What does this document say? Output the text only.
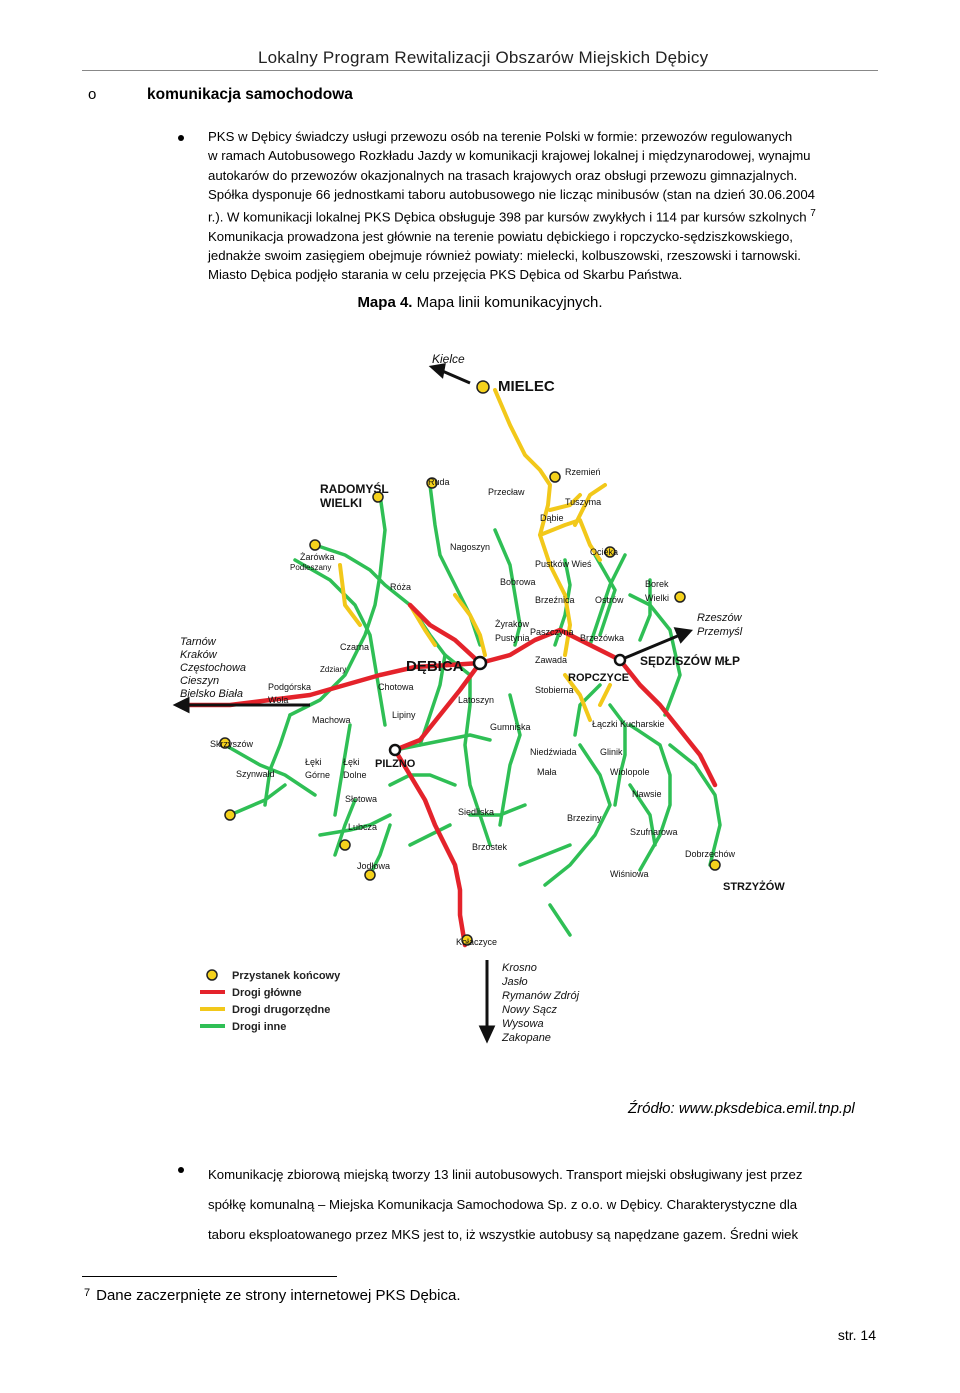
Lokalny Program Rewitalizacji Obszarów Miejskich Dębicy
o	komunikacja samochodowa

PKS w Dębicy świadczy usługi przewozu osób na terenie Polski w formie: przewozów regulowanych

w ramach Autobusowego Rozkładu Jazdy w komunikacji krajowej lokalnej i międzynarodowej, wynajmu

autokarów do przewozów okazjonalnych na trasach krajowych oraz obsługi przewozu gimnazjalnych.

Spółka dysponuje 66 jednostkami taboru autobusowego nie licząc minibusów (stan na dzień 30.06.2004

r.). W komunikacji lokalnej PKS Dębica obsługuje 398 par kursów zwykłych i 114 par kursów szkolnych $^7$

Komunikacja prowadzona jest głównie na terenie powiatu dębickiego i ropczycko-sędziszkowskiego,

jednakże swoim zasięgiem obejmuje również powiaty: mielecki, kolbuszowski, rzeszowski i tarnowski.

Miasto Dębica podjęło starania w celu przejęcia PKS Dębica od Skarbu Państwa.

Mapa 4. Mapa linii komunikacyjnych.
Kielce
MIELEC
RADOMYŚL
WIELKI
DĘBICA	SĘDZISZÓW MŁP
ROPCZYCE
PILZNO
STRZYŻÓW
Tarnów
Kraków
Częstochowa
Cieszyn
Bielsko Biała
Rzeszów
Przemyśl
Krosno
Jasło
Rymanów Zdrój
Nowy Sącz
Wysowa
Zakopane
Ruda
Przecław
Rzemień
Tuszyma
Dąbie
Ocieka
Nagoszyn
Bobrowa
Pustków Wieś
Brzeźnica Ostrów
Borek
Wielki
Żyraków
Pustynia
Paszczyna
Brzezówka
Zawada
Żarówka
Podleszany
Róża
Czarna
Zdziary
Podgórska
Wola
Machowa
Chotowa
Lipiny
Latoszyn
Stobierna
Łączki Kucharskie
Gumniska
Niedźwiada
Mała
Glinik
Wiolopole
Nawsie
Brzeziny
Szufnarowa
Dobrzechów
Wiśniowa
Skrzyszów
Szynwałd
Łęki
Górne
Łęki
Dolne
Słotowa
Lubcza
Jodłowa
Siedliska
Brzostek
Kołaczyce
Przystanek końcowy
Drogi główne
Drogi drugorzędne
Drogi inne
Źródło: www.pksdebica.emil.tnp.pl
Komunikację zbiorową miejską tworzy 13 linii autobusowych. Transport miejski obsługiwany jest przez
spółkę komunalną – Miejska Komunikacja Samochodowa Sp. z o.o. w Dębicy. Charakterystyczne dla
taboru eksploatowanego przez MKS jest to, iż wszystkie autobusy są napędzane gazem. Średni wiek
$^7$ Dane zaczerpnięte ze strony internetowej PKS Dębica.
str. 14
